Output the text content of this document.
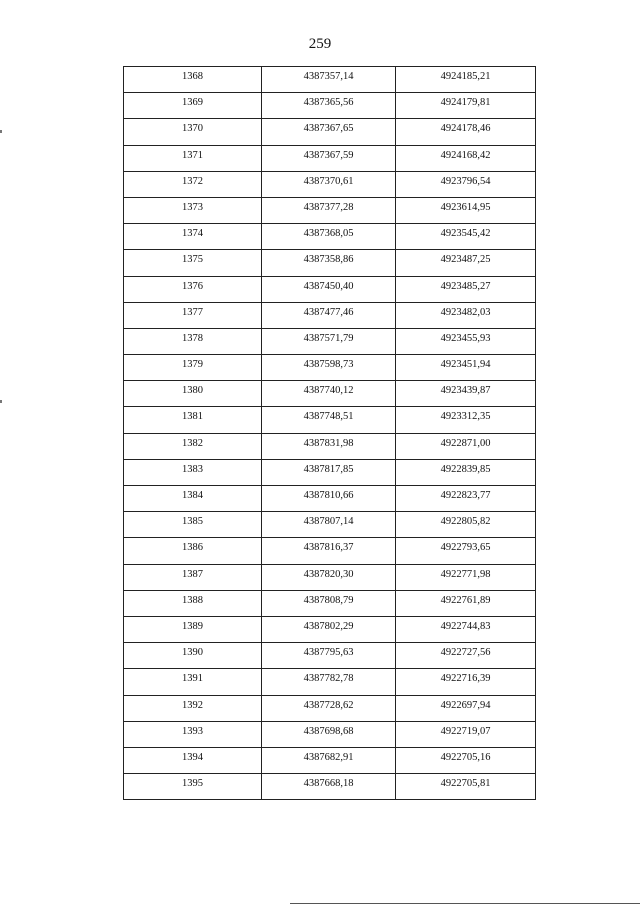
259
1368	4387357,14	4924185,21
1369	4387365,56	4924179,81
1370	4387367,65	4924178,46
1371	4387367,59	4924168,42
1372	4387370,61	4923796,54
1373	4387377,28	4923614,95
1374	4387368,05	4923545,42
1375	4387358,86	4923487,25
1376	4387450,40	4923485,27
1377	4387477,46	4923482,03
1378	4387571,79	4923455,93
1379	4387598,73	4923451,94
1380	4387740,12	4923439,87
1381	4387748,51	4923312,35
1382	4387831,98	4922871,00
1383	4387817,85	4922839,85
1384	4387810,66	4922823,77
1385	4387807,14	4922805,82
1386	4387816,37	4922793,65
1387	4387820,30	4922771,98
1388	4387808,79	4922761,89
1389	4387802,29	4922744,83
1390	4387795,63	4922727,56
1391	4387782,78	4922716,39
1392	4387728,62	4922697,94
1393	4387698,68	4922719,07
1394	4387682,91	4922705,16
1395	4387668,18	4922705,81
